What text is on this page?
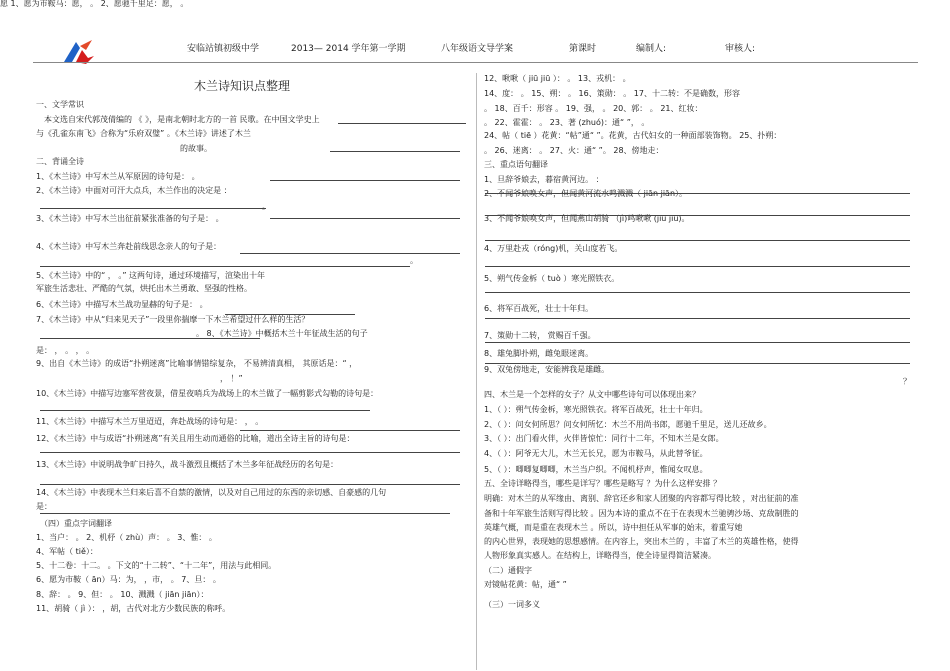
安临站镇初级中学	2013— 2014 学年第一学期	八年级语文导学案	第课时	编制人:	审核人:
木兰诗知识点整理
一、文学常识
本文选自宋代郭茂倩编的 《 》，是南北朝时北方的一首 民歌。在中国文学史上
与《孔雀东南飞》合称为“乐府双璧” 。《木兰诗》讲述了木兰
的故事。
二、背诵全诗
1、《木兰诗》中写木兰从军原因的诗句是： 。
2、《木兰诗》中面对可汗大点兵，木兰作出的决定是 ：
。
3、《木兰诗》中写木兰出征前紧张准备的句子是： 。
4、《木兰诗》中写木兰奔赴前线思念亲人的句子是：
。
5、《木兰诗》中的“ ， 。” 这两句诗，通过环境描写，渲染出十年
军旅生活悲壮、严酷的气氛，烘托出木兰勇敢、坚强的性格。
6、《木兰诗》中描写木兰战功显赫的句子是： 。
7、《木兰诗》中从“归来见天子”一段里你揣摩一下木兰希望过什么样的生活？
。 8、《木兰诗》中概括木兰十年征战生活的句子
是： ， 。 ， 。
9、出自《木兰诗》的成语“扑朔迷离”比喻事情错综复杂， 不易辨清真相， 其原话是：“ ，
， ！”
10、《木兰诗》中描写边塞军营夜景，借星夜哨兵为战场上的木兰做了一幅剪影式勾勒的诗句是：
11、《木兰诗》中描写木兰万里迢迢，奔赴战场的诗句是： ， 。
12、《木兰诗》中与成语“扑朔迷离”有关且用生动而通俗的比喻，道出全诗主旨的诗句是：
13、《木兰诗》中说明战争旷日持久，战斗激烈且概括了木兰多年征战经历的名句是：
14、《木兰诗》中表现木兰归来后喜不自禁的激情，以及对自己用过的东西的亲切感、自豪感的几句
是：
（四）重点字词翻译
1、当户： 。 2、机杼（ zhù）声： 。 3、惟： 。
4、军帖（ tiě）：
5、十二卷：十二。 。下文的“十二转”、“十二年”，用法与此相同。
6、愿为市鞍（ ān）马：为， ，市， 。 7、旦： 。
8、辞： 。 9、但： 。 10、溅溅（ jiān jiān）：
11、胡骑（ jì ）： ，胡，古代对北方少数民族的称呼。
12、啾啾（ jiū jiū ）： 。 13、戎机： 。
14、度： 。 15、朔： 。 16、策勋： 。 17、十二转：不是确数，形容
。 18、百千：形容 。 19、强， 。 20、郭： 。 21、红妆：
。 22、霍霍： 。 23、著 (zhuó)：通“ ”， 。
24、帖（ tiē ）花黄：“帖”通“ ”。花黄，古代妇女的一种面部装饰物。 25、扑朔：
。 26、迷离： 。 27、火：通“ ”。 28、傍地走：
三、重点语句翻译
1、旦辞爷娘去，暮宿黄河边。 ：
2、不闻爷娘唤女声，但闻黄河流水鸣溅溅（ jiān jiān）。
3、不闻爷娘唤女声，但闻燕山胡骑 （jì)鸣啾啾 (jiū jiū)。
4、万里赴戎（róng)机，关山度若飞。
5、朔气传金柝（ tuò ）寒光照铁衣。
6、将军百战死，壮士十年归。
7、策勋十二转， 赏赐百千强。
8、雄兔脚扑朔，雌兔眼迷离。
9、双兔傍地走，安能辨我是雄雌。
？
四、木兰是一个怎样的女子？从文中哪些诗句可以体现出来？
1、（ ）：朔气传金柝，寒光照铁衣。将军百战死，壮士十年归。
2、（ ）：问女何所思？问女何所忆：木兰不用尚书郎，愿驰千里足，送儿还故乡。
3、（ ）：出门看火伴，火伴皆惊忙：同行十二年，不知木兰是女郎。
4、（ ）：阿爷无大儿，木兰无长兄，愿为市鞍马，从此替爷征。
5、（ ）：唧唧复唧唧，木兰当户织。不闻机杼声，惟闻女叹息。
五、全诗详略得当，哪些是详写？哪些是略写 ？为什么这样安排 ？
明确：对木兰的从军缘由、离别、辞官还乡和家人团聚的内容都写得比较 ，对出征前的准
备和十年军旅生活则写得比较 。因为本诗的重点不在于在表现木兰驰骋沙场、克敌制胜的
英雄气概，而是重在表现木兰 。所以，诗中担任从军事的始末，着重写她
的内心世界，表现她的思想感情。在内容上，突出木兰的 ，丰富了木兰的英雄性格，使得
人物形象真实感人。在结构上，详略得当，使全诗显得简洁紧凑。
（二）通假字
对镜帖花黄：帖，通“ ”
（三）一词多义
愿 1、愿为市鞍马：愿， 。 2、愿驰千里足：愿， 。
